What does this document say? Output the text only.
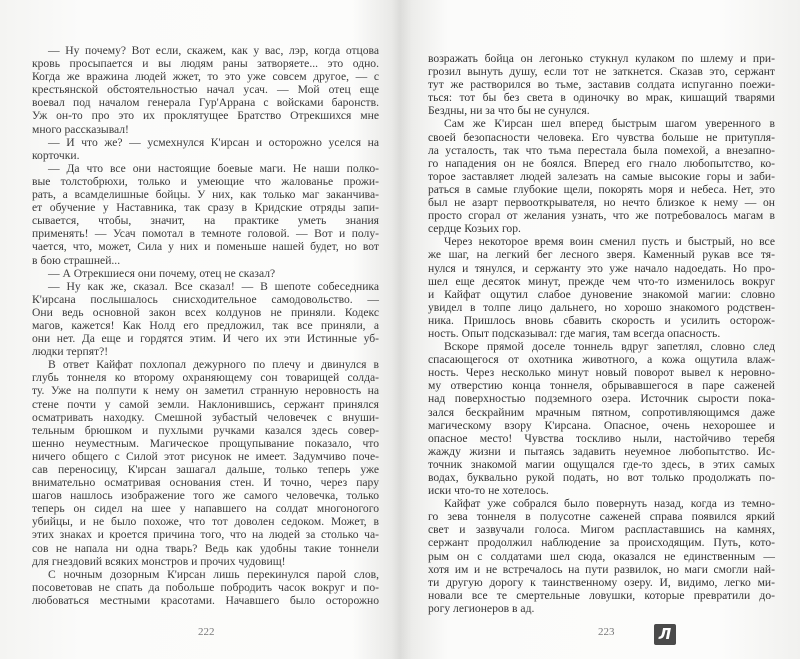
— Ну почему? Вот если, скажем, как у вас, лэр, когда отцова
кровь просыпается и вы людям раны затворяете... это одно.
Когда же вражина людей жжет, то это уже совсем другое, — с
крестьянской обстоятельностью начал усач. — Мой отец еще
воевал под началом генерала Гур'Аррана с войсками баронств.
Уж он-то про это их проклятущее Братство Отрекшихся мне
много рассказывал!
— И что же? — усмехнулся К'ирсан и осторожно уселся на
корточки.
— Да что все они настоящие боевые маги. Не наши полко-
вые толстобрюхи, только и умеющие что жалованье прожи-
рать, а всамделишные бойцы. У них, как только маг заканчива-
ет обучение у Наставника, так сразу в Кридские отряды запи-
сывается, чтобы, значит, на практике уметь знания
применять! — Усач помотал в темноте головой. — Вот и полу-
чается, что, может, Сила у них и поменьше нашей будет, но вот
в бою страшней...
— А Отрекшиеся они почему, отец не сказал?
— Ну как же, сказал. Все сказал! — В шепоте собеседника
К'ирсана послышалось снисходительное самодовольство. —
Они ведь основной закон всех колдунов не приняли. Кодекс
магов, кажется! Как Нолд его предложил, так все приняли, а
они нет. Да еще и гордятся этим. И чего их эти Истинные уб-
людки терпят?!
В ответ Кайфат похлопал дежурного по плечу и двинулся в
глубь тоннеля ко второму охраняющему сон товарищей солда-
ту. Уже на полпути к нему он заметил странную неровность на
стене почти у самой земли. Наклонившись, сержант принялся
осматривать находку. Смешной зубастый человечек с внуши-
тельным брюшком и пухлыми ручками казался здесь совер-
шенно неуместным. Магическое прощупывание показало, что
ничего общего с Силой этот рисунок не имеет. Задумчиво поче-
сав переносицу, К'ирсан зашагал дальше, только теперь уже
внимательно осматривая основания стен. И точно, через пару
шагов нашлось изображение того же самого человечка, только
теперь он сидел на шее у напавшего на солдат многоногого
убийцы, и не было похоже, что тот доволен седоком. Может, в
этих знаках и кроется причина того, что на людей за столько ча-
сов не напала ни одна тварь? Ведь как удобны такие тоннели
для гнездовий всяких монстров и прочих чудовищ!
С ночным дозорным К'ирсан лишь перекинулся парой слов,
посоветовав не спать да побольше побродить часок вокруг и по-
любоваться местными красотами. Начавшего было осторожно
возражать бойца он легонько стукнул кулаком по шлему и при-
грозил вынуть душу, если тот не заткнется. Сказав это, сержант
тут же растворился во тьме, заставив солдата испуганно поежи-
ться: тот бы без света в одиночку во мрак, кишащий тварями
Бездны, ни за что бы не сунулся.
Сам же К'ирсан шел вперед быстрым шагом уверенного в
своей безопасности человека. Его чувства больше не притупля-
ла усталость, так что тьма перестала была помехой, а внезапно-
го нападения он не боялся. Вперед его гнало любопытство, ко-
торое заставляет людей залезать на самые высокие горы и заби-
раться в самые глубокие щели, покорять моря и небеса. Нет, это
был не азарт первооткрывателя, но нечто близкое к нему — он
просто сгорал от желания узнать, что же потребовалось магам в
сердце Козьих гор.
Через некоторое время воин сменил пусть и быстрый, но все
же шаг, на легкий бег лесного зверя. Каменный рукав все тя-
нулся и тянулся, и сержанту это уже начало надоедать. Но про-
шел еще десяток минут, прежде чем что-то изменилось вокруг
и Кайфат ощутил слабое дуновение знакомой магии: словно
увидел в толпе лицо дальнего, но хорошо знакомого родствен-
ника. Пришлось вновь сбавить скорость и усилить осторож-
ность. Опыт подсказывал: где магия, там всегда опасность.
Вскоре прямой доселе тоннель вдруг запетлял, словно след
спасающегося от охотника животного, а кожа ощутила влаж-
ность. Через несколько минут новый поворот вывел к неровно-
му отверстию конца тоннеля, обрывавшегося в паре саженей
над поверхностью подземного озера. Источник сырости пока-
зался бескрайним мрачным пятном, сопротивляющимся даже
магическому взору К'ирсана. Опасное, очень нехорошее и
опасное место! Чувства тоскливо ныли, настойчиво теребя
жажду жизни и пытаясь задавить неуемное любопытство. Ис-
точник знакомой магии ощущался где-то здесь, в этих самых
водах, буквально рукой подать, но вот только продолжать по-
иски что-то не хотелось.
Кайфат уже собрался было повернуть назад, когда из темно-
го зева тоннеля в полусотне саженей справа появился яркий
свет и зазвучали голоса. Мигом распластавшись на камнях,
сержант продолжил наблюдение за происходящим. Путь, кото-
рым он с солдатами шел сюда, оказался не единственным —
хотя им и не встречалось на пути развилок, но маги смогли най-
ти другую дорогу к таинственному озеру. И, видимо, легко ми-
новали все те смертельные ловушки, которые превратили до-
рогу легионеров в ад.
222	223	Л
